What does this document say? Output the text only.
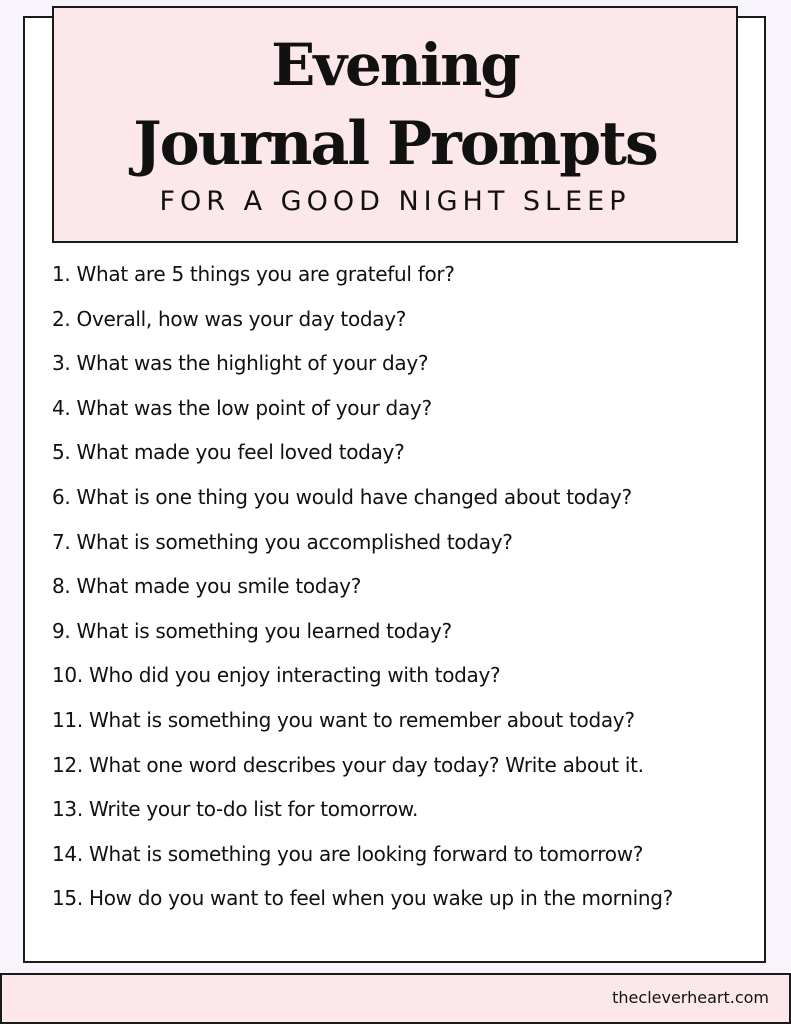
Evening
Journal Prompts
FOR A GOOD NIGHT SLEEP
1. What are 5 things you are grateful for?
2. Overall, how was your day today?
3. What was the highlight of your day?
4. What was the low point of your day?
5. What made you feel loved today?
6. What is one thing you would have changed about today?
7. What is something you accomplished today?
8. What made you smile today?
9. What is something you learned today?
10. Who did you enjoy interacting with today?
11. What is something you want to remember about today?
12. What one word describes your day today? Write about it.
13. Write your to-do list for tomorrow.
14. What is something you are looking forward to tomorrow?
15. How do you want to feel when you wake up in the morning?
thecleverheart.com
